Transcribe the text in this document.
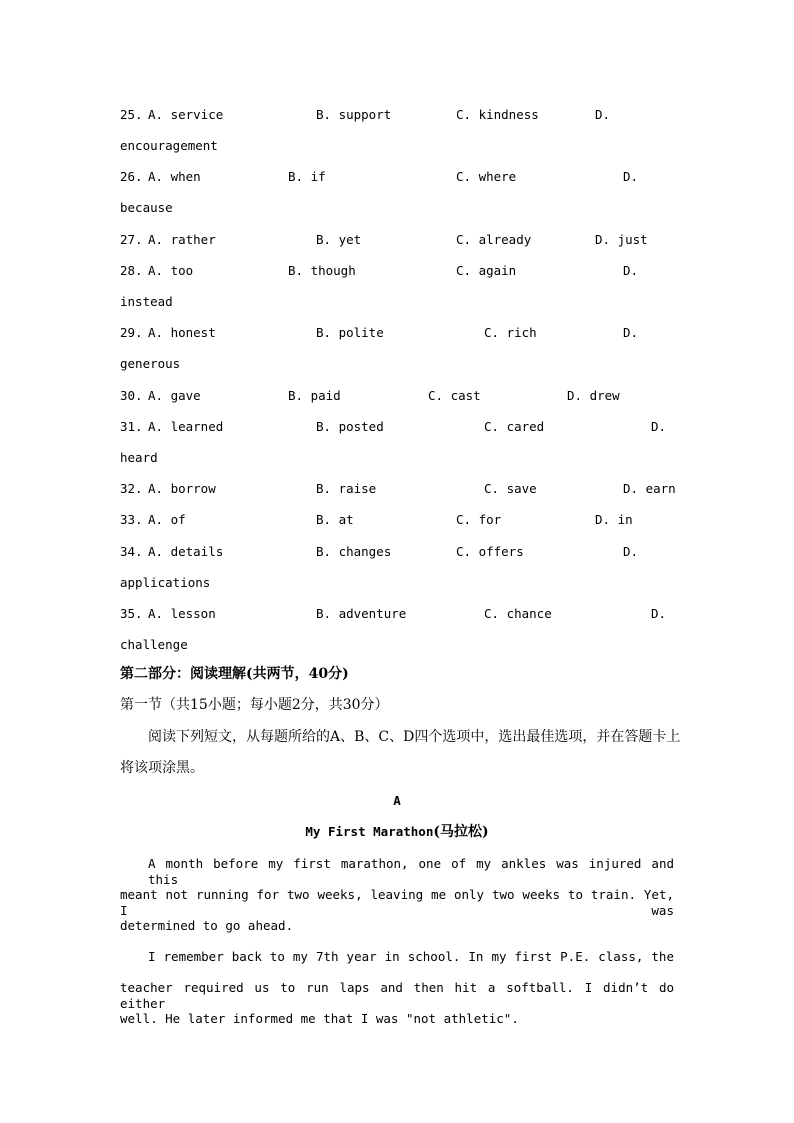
25. A. service	B. support	C. kindness	D.
encouragement
26. A. when	B. if	C. where	D.
because
27. A. rather	B. yet	C. already	D. just
28. A. too	B. though	C. again	D.
instead
29. A. honest	B. polite	C. rich	D.
generous
30. A. gave	B. paid	C. cast	D. drew
31. A. learned	B. posted	C. cared	D.
heard
32. A. borrow	B. raise	C. save	D. earn
33. A. of	B. at	C. for	D. in
34. A. details	B. changes	C. offers	D.
applications
35. A. lesson	B. adventure	C. chance	D.
challenge
第二部分：阅读理解(共两节，40分)
第一节（共15小题；每小题2分，共30分）
阅读下列短文，从每题所给的A、B、C、D四个选项中，选出最佳选项，并在答题卡上
将该项涂黑。
A
My First Marathon(马拉松)
A month before my first marathon, one of my ankles was injured and this
meant not running for two weeks, leaving me only two weeks to train. Yet, I was
determined to go ahead.
I remember back to my 7th year in school. In my first P.E. class, the
teacher required us to run laps and then hit a softball. I didn’t do either
well. He later informed me that I was "not athletic".
